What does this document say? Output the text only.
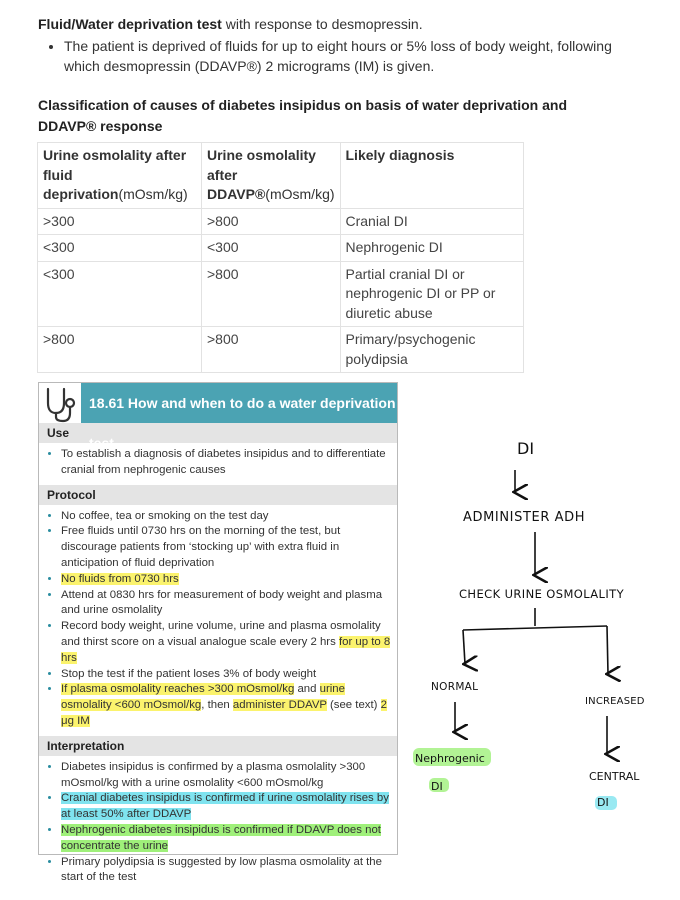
Fluid/Water deprivation test with response to desmopressin.
• The patient is deprived of fluids for up to eight hours or 5% loss of body weight, following which desmopressin (DDAVP®) 2 micrograms (IM) is given.
Classification of causes of diabetes insipidus on basis of water deprivation and DDAVP® response
Urine osmolality after fluid deprivation(mOsm/kg)	Urine osmolality after DDAVP®(mOsm/kg)	Likely diagnosis
>300	>800	Cranial DI
<300	<300	Nephrogenic DI
<300	>800	Partial cranial DI or nephrogenic DI or PP or diuretic abuse
>800	>800	Primary/psychogenic polydipsia
18.61 How and when to do a water deprivation test
Use
• To establish a diagnosis of diabetes insipidus and to differentiate cranial from nephrogenic causes
Protocol
• No coffee, tea or smoking on the test day
• Free fluids until 0730 hrs on the morning of the test, but discourage patients from ‘stocking up’ with extra fluid in anticipation of fluid deprivation
• No fluids from 0730 hrs
• Attend at 0830 hrs for measurement of body weight and plasma and urine osmolality
• Record body weight, urine volume, urine and plasma osmolality and thirst score on a visual analogue scale every 2 hrs for up to 8 hrs
• Stop the test if the patient loses 3% of body weight
• If plasma osmolality reaches >300 mOsmol/kg and urine osmolality <600 mOsmol/kg, then administer DDAVP (see text) 2 μg IM
Interpretation
• Diabetes insipidus is confirmed by a plasma osmolality >300 mOsmol/kg with a urine osmolality <600 mOsmol/kg
• Cranial diabetes insipidus is confirmed if urine osmolality rises by at least 50% after DDAVP
• Nephrogenic diabetes insipidus is confirmed if DDAVP does not concentrate the urine
• Primary polydipsia is suggested by low plasma osmolality at the start of the test
DI
ADMINISTER ADH
CHECK URINE OSMOLALITY
NORMAL
INCREASED
Nephrogenic
DI
CENTRAL
DI
